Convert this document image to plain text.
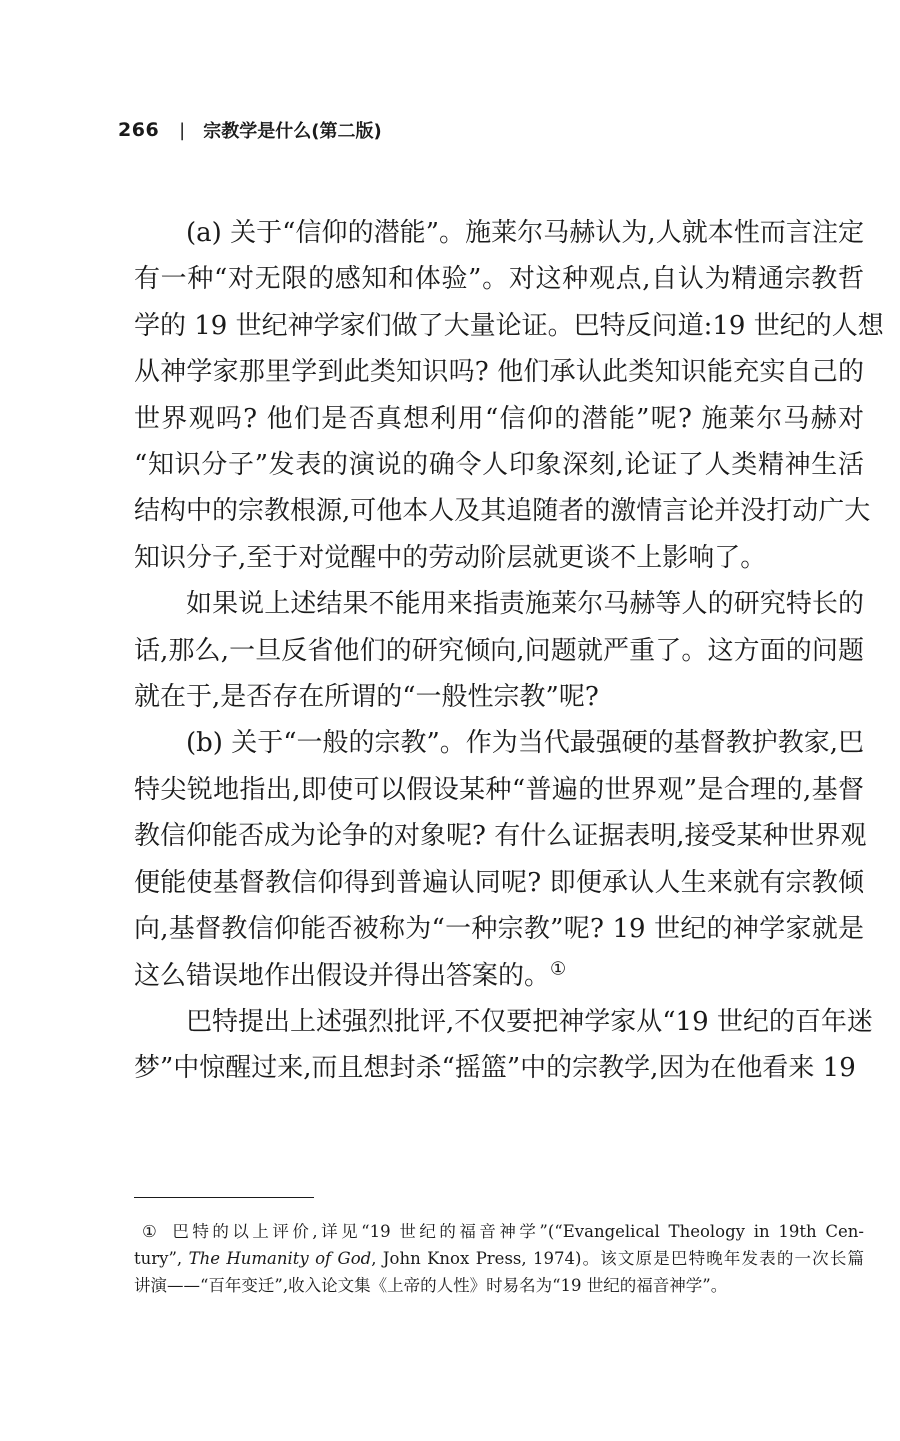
266 | 宗教学是什么(第二版)

(a) 关于“信仰的潜能”。施莱尔马赫认为,人就本性而言注定
有一种“对无限的感知和体验”。对这种观点,自认为精通宗教哲
学的 19 世纪神学家们做了大量论证。巴特反问道:19 世纪的人想
从神学家那里学到此类知识吗? 他们承认此类知识能充实自己的
世界观吗? 他们是否真想利用“信仰的潜能”呢? 施莱尔马赫对
“知识分子”发表的演说的确令人印象深刻,论证了人类精神生活
结构中的宗教根源,可他本人及其追随者的激情言论并没打动广大
知识分子,至于对觉醒中的劳动阶层就更谈不上影响了。

如果说上述结果不能用来指责施莱尔马赫等人的研究特长的
话,那么,一旦反省他们的研究倾向,问题就严重了。这方面的问题
就在于,是否存在所谓的“一般性宗教”呢?

(b) 关于“一般的宗教”。作为当代最强硬的基督教护教家,巴
特尖锐地指出,即使可以假设某种“普遍的世界观”是合理的,基督
教信仰能否成为论争的对象呢? 有什么证据表明,接受某种世界观
便能使基督教信仰得到普遍认同呢? 即便承认人生来就有宗教倾
向,基督教信仰能否被称为“一种宗教”呢? 19 世纪的神学家就是
这么错误地作出假设并得出答案的。①

巴特提出上述强烈批评,不仅要把神学家从“19 世纪的百年迷
梦”中惊醒过来,而且想封杀“摇篮”中的宗教学,因为在他看来 19

① 巴特的以上评价,详见“19 世纪的福音神学”(“Evangelical Theology in 19th Cen-
tury”, The Humanity of God, John Knox Press, 1974)。该文原是巴特晚年发表的一次长篇
讲演——“百年变迁”,收入论文集《上帝的人性》时易名为“19 世纪的福音神学”。
